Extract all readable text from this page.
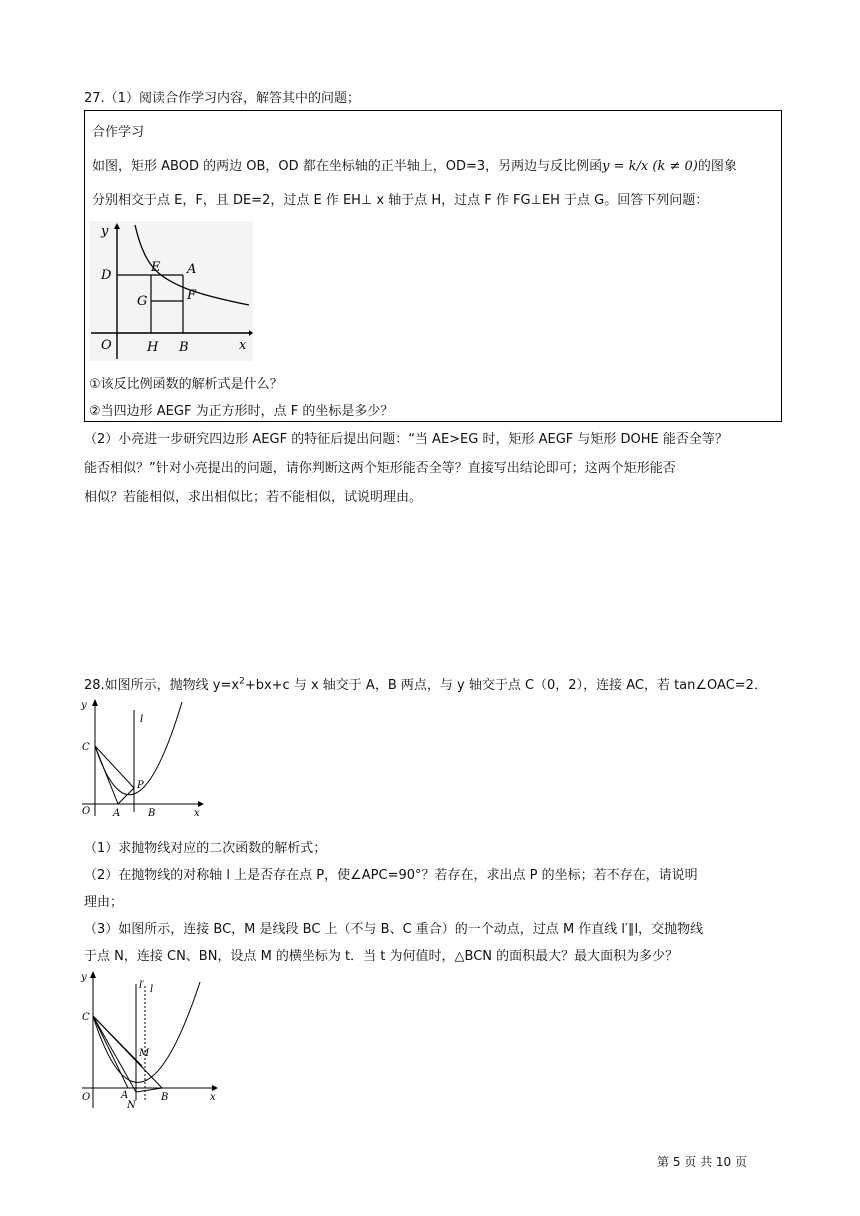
27.（1）阅读合作学习内容，解答其中的问题；
合作学习
如图，矩形 ABOD 的两边 OB，OD 都在坐标轴的正半轴上，OD=3，另两边与反比例函y = k/x (k ≠ 0)的图象
分别相交于点 E，F，且 DE=2，过点 E 作 EH⊥ x 轴于点 H，过点 F 作 FG⊥EH 于点 G。回答下列问题：
y
x
D
E A
G	F
O	H B
①该反比例函数的解析式是什么？
②当四边形 AEGF 为正方形时，点 F 的坐标是多少？
（2）小亮进一步研究四边形 AEGF 的特征后提出问题：“当 AE>EG 时，矩形 AEGF 与矩形 DOHE 能否全等？
能否相似？”针对小亮提出的问题，请你判断这两个矩形能否全等？直接写出结论即可；这两个矩形能否
相似？若能相似，求出相似比；若不能相似，试说明理由。
28.如图所示，抛物线 $y=x^2+bx+c$ 与 x 轴交于 A，B 两点，与 y 轴交于点 C（0，2），连接 AC，若 tan∠OAC=2．
y
l
C
P
O A	B	x
（1）求抛物线对应的二次函数的解析式；
（2）在抛物线的对称轴 l 上是否存在点 P，使∠APC=90°？若存在，求出点 P 的坐标；若不存在，请说明
理由；
（3）如图所示，连接 BC，M 是线段 BC 上（不与 B、C 重合）的一个动点，过点 M 作直线 l′∥l，交抛物线
于点 N，连接 CN、BN，设点 M 的横坐标为 t．当 t 为何值时，△BCN 的面积最大？最大面积为多少？
y
l′ l
C
M
O	A
N
B	x
第 5 页 共 10 页
